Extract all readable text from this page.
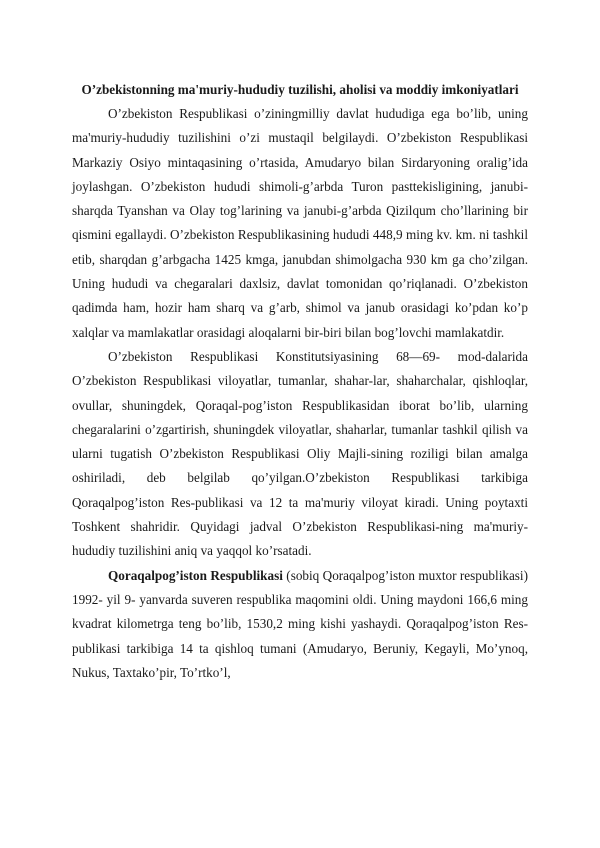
O’zbekistonning ma'muriy-hududiy tuzilishi, aholisi va moddiy imkoniyatlari

O’zbekiston Respublikasi o’ziningmilliy davlat hududiga ega bo’lib, uning ma'muriy-hududiy tuzilishini o’zi mustaqil belgilaydi. O’zbekiston Respublikasi Markaziy Osiyo mintaqasining o’rtasida, Amudaryo bilan Sirdaryoning oralig’ida joylashgan. O’zbekiston hududi shimoli-g’arbda Turon pasttekisligining, janubi-sharqda Tyanshan va Olay tog’larining va janubi-g’arbda Qizilqum cho’llarining bir qismini egallaydi. O’zbekiston Respublikasining hududi 448,9 ming kv. km. ni tashkil etib, sharqdan g’arbgacha 1425 kmga, janubdan shimolgacha 930 km ga cho’zilgan. Uning hududi va chegaralari daxlsiz, davlat tomonidan qo’riqlanadi. O’zbekiston qadimda ham, hozir ham sharq va g’arb, shimol va janub orasidagi ko’pdan ko’p xalqlar va mamlakatlar orasidagi aloqalarni bir-biri bilan bog’lovchi mamlakatdir.

O’zbekiston Respublikasi Konstitutsiyasining 68—69- mod-dalarida O’zbekiston Respublikasi viloyatlar, tumanlar, shahar-lar, shaharchalar, qishloqlar, ovullar, shuningdek, Qoraqal-pog’iston Respublikasidan iborat bo’lib, ularning chegaralarini o’zgartirish, shuningdek viloyatlar, shaharlar, tumanlar tashkil qilish va ularni tugatish O’zbekiston Respublikasi Oliy Majli-sining roziligi bilan amalga oshiriladi, deb belgilab qo’yilgan.O’zbekiston Respublikasi tarkibiga Qoraqalpog’iston Res-publikasi va 12 ta ma'muriy viloyat kiradi. Uning poytaxti Toshkent shahridir. Quyidagi jadval O’zbekiston Respublikasi-ning ma'muriy-hududiy tuzilishini aniq va yaqqol ko’rsatadi.

Qoraqalpog’iston Respublikasi (sobiq Qoraqalpog’iston muxtor respublikasi) 1992- yil 9- yanvarda suveren respublika maqomini oldi. Uning maydoni 166,6 ming kvadrat kilometrga teng bo’lib, 1530,2 ming kishi yashaydi. Qoraqalpog’iston Res-publikasi tarkibiga 14 ta qishloq tumani (Amudaryo, Beruniy, Kegayli, Mo’ynoq, Nukus, Taxtako’pir, To’rtko’l,
